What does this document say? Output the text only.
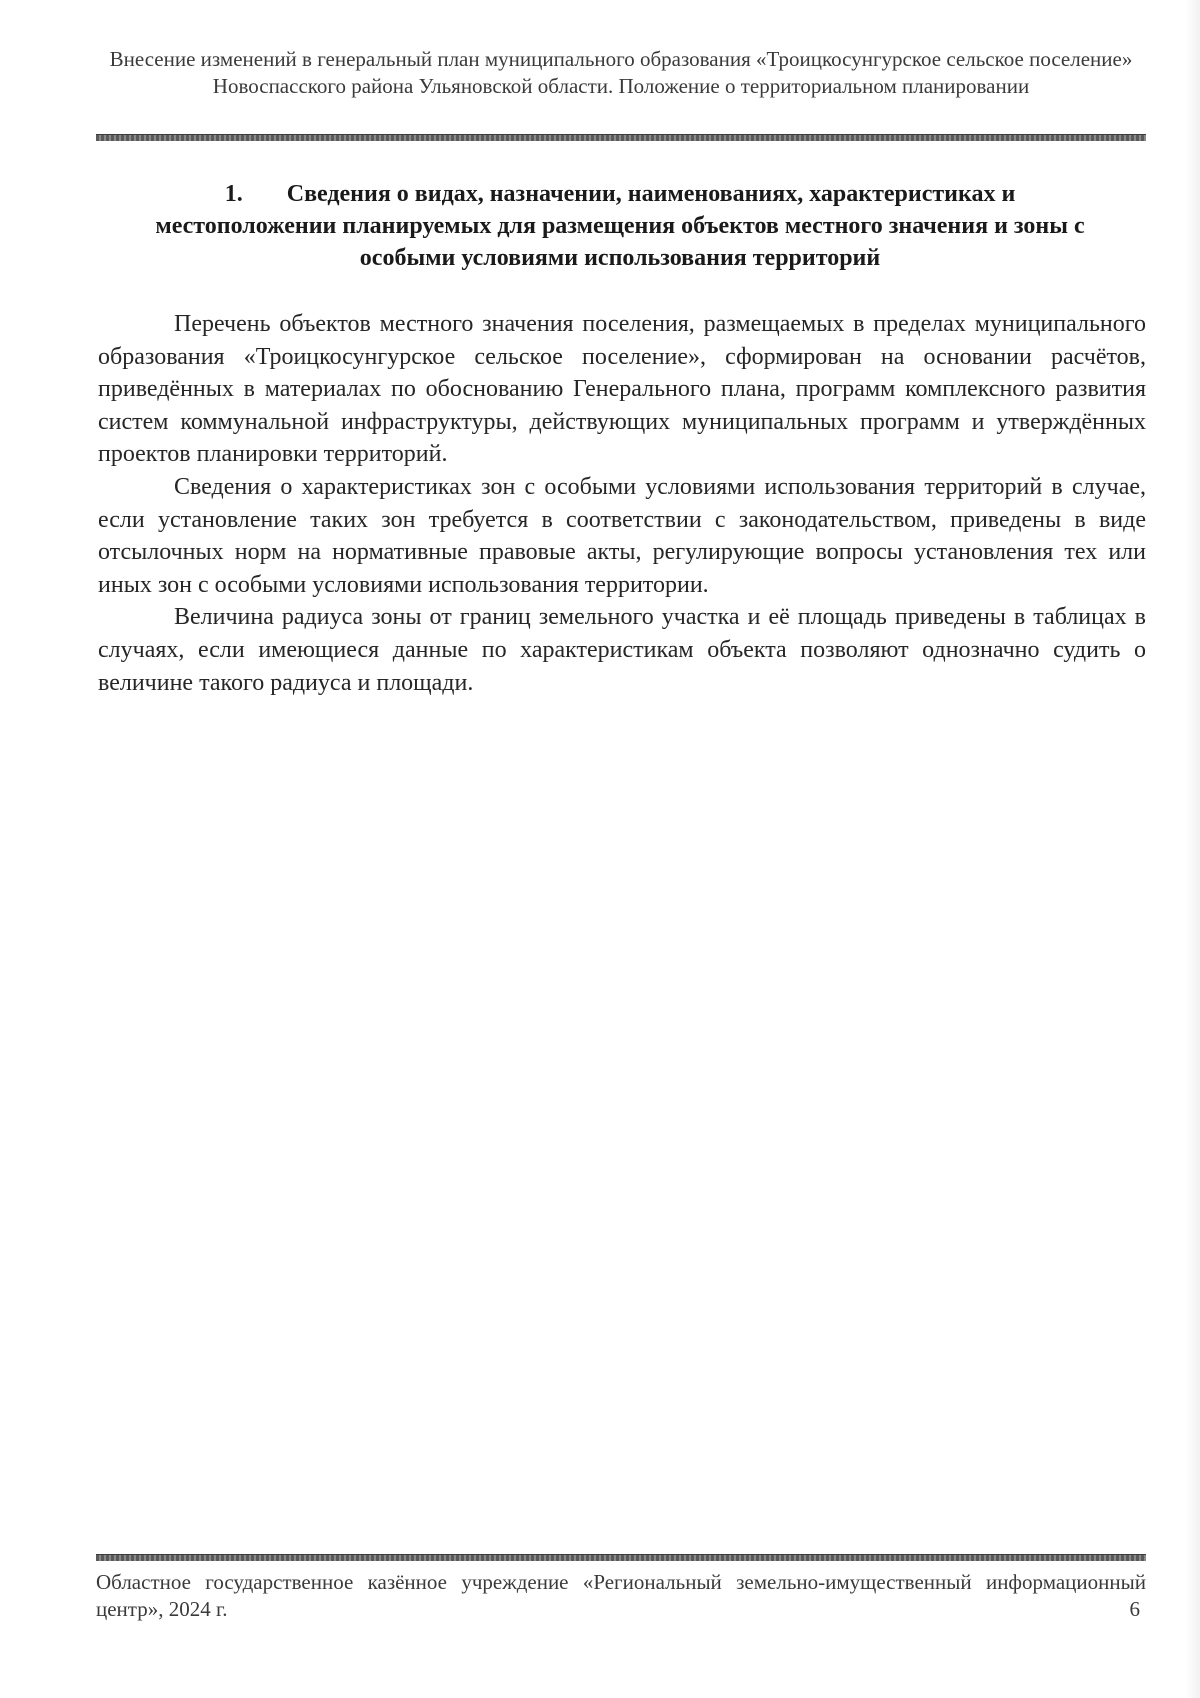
Внесение изменений в генеральный план муниципального образования «Троицкосунгурское сельское поселение» Новоспасского района Ульяновской области. Положение о территориальном планировании
1. Сведения о видах, назначении, наименованиях, характеристиках и местоположении планируемых для размещения объектов местного значения и зоны с особыми условиями использования территорий

Перечень объектов местного значения поселения, размещаемых в пределах муниципального образования «Троицкосунгурское сельское поселение», сформирован на основании расчётов, приведённых в материалах по обоснованию Генерального плана, программ комплексного развития систем коммунальной инфраструктуры, действующих муниципальных программ и утверждённых проектов планировки территорий.

Сведения о характеристиках зон с особыми условиями использования территорий в случае, если установление таких зон требуется в соответствии с законодательством, приведены в виде отсылочных норм на нормативные правовые акты, регулирующие вопросы установления тех или иных зон с особыми условиями использования территории.

Величина радиуса зоны от границ земельного участка и её площадь приведены в таблицах в случаях, если имеющиеся данные по характеристикам объекта позволяют однозначно судить о величине такого радиуса и площади.

Областное государственное казённое учреждение «Региональный земельно-имущественный информационный центр», 2024 г.	6
